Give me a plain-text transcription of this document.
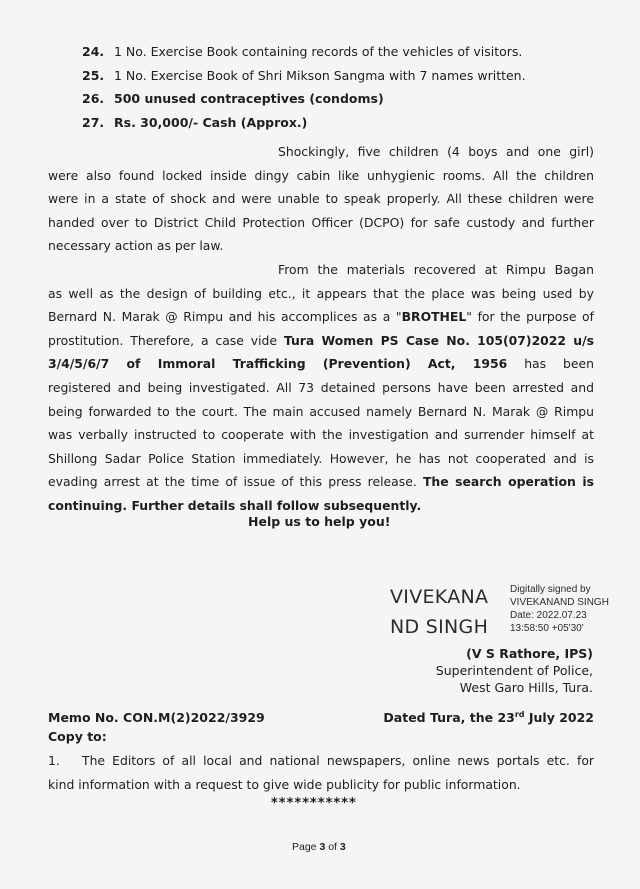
24. 1 No. Exercise Book containing records of the vehicles of visitors.
25. 1 No. Exercise Book of Shri Mikson Sangma with 7 names written.
26. 500 unused contraceptives (condoms)
27. Rs. 30,000/- Cash (Approx.)
Shockingly, five children (4 boys and one girl)
were also found locked inside dingy cabin like unhygienic rooms. All the children
were in a state of shock and were unable to speak properly. All these children were
handed over to District Child Protection Officer (DCPO) for safe custody and further
necessary action as per law.
From the materials recovered at Rimpu Bagan
as well as the design of building etc., it appears that the place was being used by
Bernard N. Marak @ Rimpu and his accomplices as a "BROTHEL" for the purpose of
prostitution. Therefore, a case vide Tura Women PS Case No. 105(07)2022 u/s
3/4/5/6/7 of Immoral Trafficking (Prevention) Act, 1956 has been
registered and being investigated. All 73 detained persons have been arrested and
being forwarded to the court. The main accused namely Bernard N. Marak @ Rimpu
was verbally instructed to cooperate with the investigation and surrender himself at
Shillong Sadar Police Station immediately. However, he has not cooperated and is
evading arrest at the time of issue of this press release. The search operation is
continuing. Further details shall follow subsequently.
Help us to help you!
VIVEKANA
ND SINGH
Digitally signed by
VIVEKANAND SINGH
Date: 2022.07.23
13:58:50 +05'30'
(V S Rathore, IPS)
Superintendent of Police,
West Garo Hills, Tura.
Memo No. CON.M(2)2022/3929	Dated Tura, the 23rd July 2022
Copy to:
1.	The Editors of all local and national newspapers, online news portals etc. for
kind information with a request to give wide publicity for public information.
***********
Page 3 of 3
